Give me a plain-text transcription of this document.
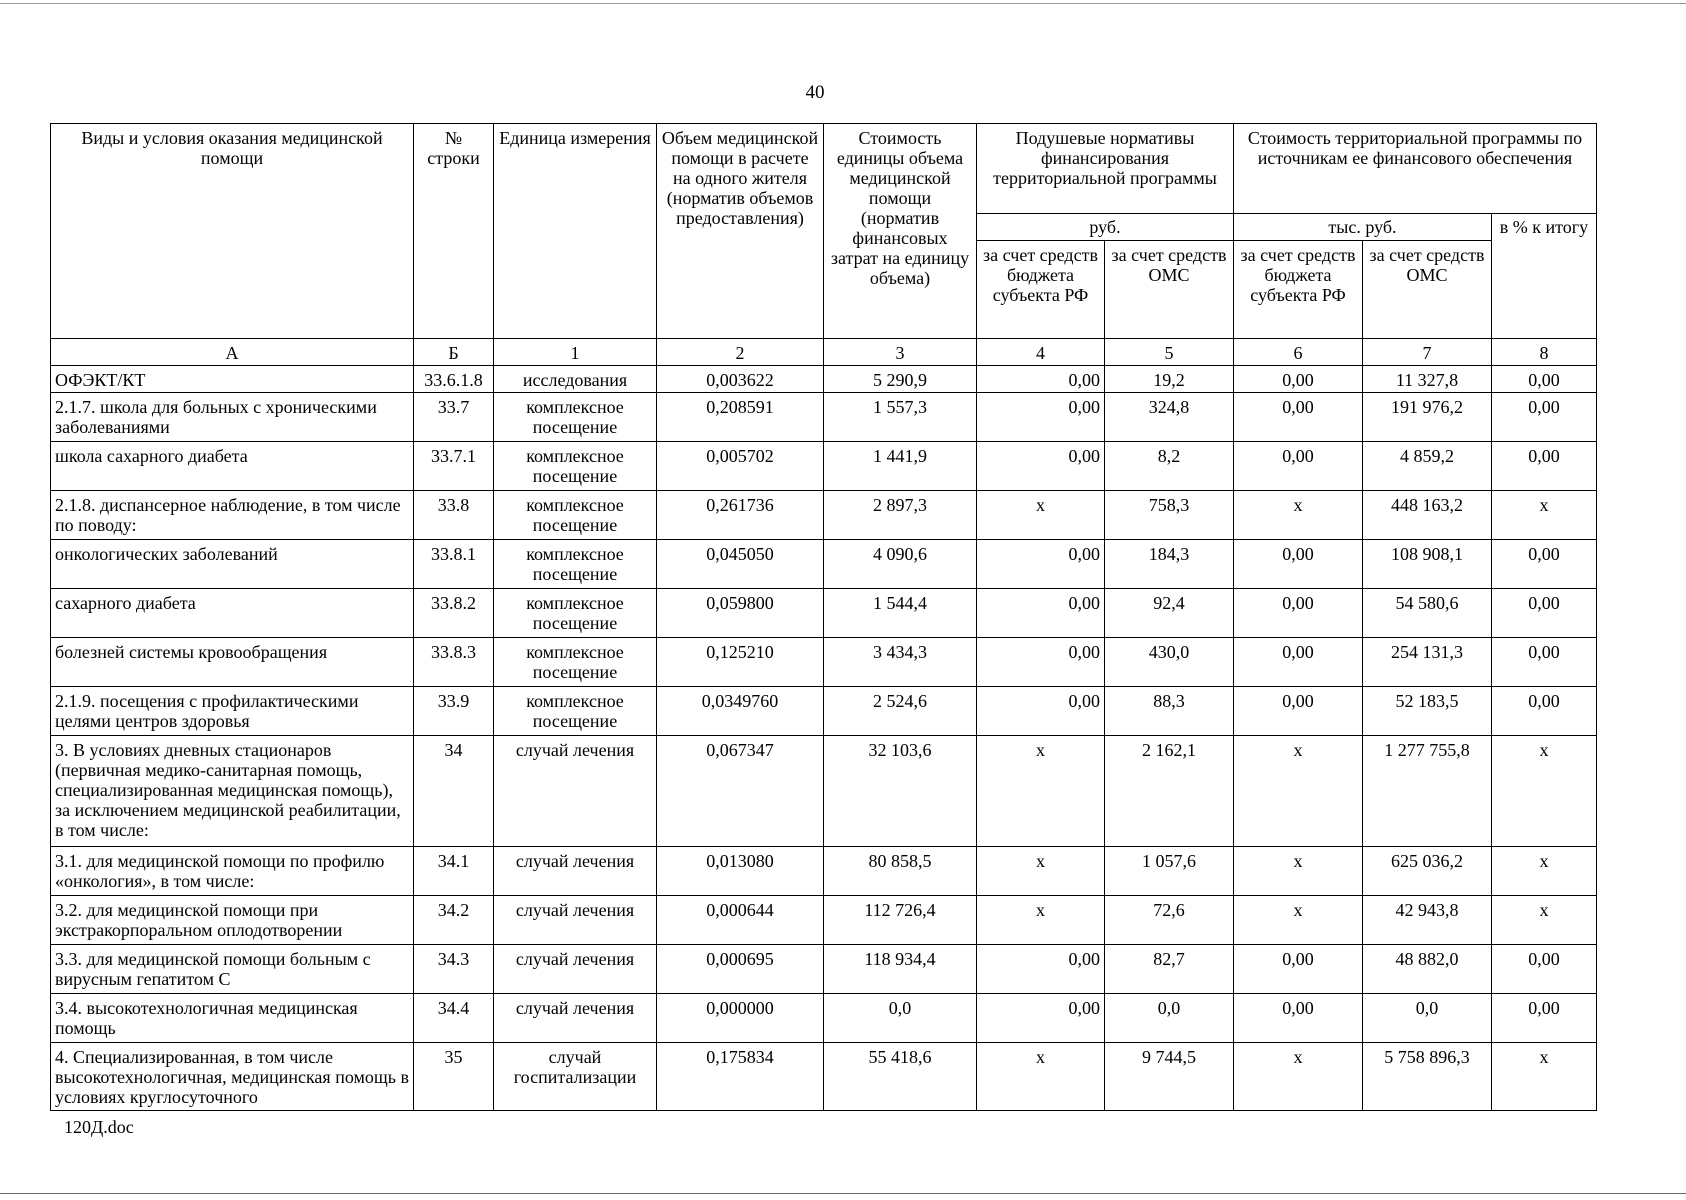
40
Виды и условия оказания медицинской помощи	№ строки	Единица измерения	Объем медицинской помощи в расчете на одного жителя (норматив объемов предоставления)	Стоимость единицы объема медицинской помощи (норматив финансовых затрат на единицу объема)	Подушевые нормативы финансирования территориальной программы		Стоимость территориальной программы по источникам ее финансового обеспечения		
					руб.		тыс. руб.		в % к итогу
					за счет средств бюджета субъекта РФ	за счет средств ОМС	за счет средств бюджета субъекта РФ	за счет средств ОМС	
А	Б	1	2	3	4	5	6	7	8
ОФЭКТ/КТ	33.6.1.8	исследования	0,003622	5 290,9	0,00	19,2	0,00	11 327,8	0,00
2.1.7. школа для больных с хроническими заболеваниями	33.7	комплексное посещение	0,208591	1 557,3	0,00	324,8	0,00	191 976,2	0,00
школа сахарного диабета	33.7.1	комплексное посещение	0,005702	1 441,9	0,00	8,2	0,00	4 859,2	0,00
2.1.8. диспансерное наблюдение, в том числе по поводу:	33.8	комплексное посещение	0,261736	2 897,3	х	758,3	х	448 163,2	х
онкологических заболеваний	33.8.1	комплексное посещение	0,045050	4 090,6	0,00	184,3	0,00	108 908,1	0,00
сахарного диабета	33.8.2	комплексное посещение	0,059800	1 544,4	0,00	92,4	0,00	54 580,6	0,00
болезней системы кровообращения	33.8.3	комплексное посещение	0,125210	3 434,3	0,00	430,0	0,00	254 131,3	0,00
2.1.9. посещения с профилактическими целями центров здоровья	33.9	комплексное посещение	0,0349760	2 524,6	0,00	88,3	0,00	52 183,5	0,00
3. В условиях дневных стационаров (первичная медико-санитарная помощь, специализированная медицинская помощь), за исключением медицинской реабилитации, в том числе:	34	случай лечения	0,067347	32 103,6	х	2 162,1	х	1 277 755,8	х
3.1. для медицинской помощи по профилю «онкология», в том числе:	34.1	случай лечения	0,013080	80 858,5	х	1 057,6	х	625 036,2	х
3.2. для медицинской помощи при экстракорпоральном оплодотворении	34.2	случай лечения	0,000644	112 726,4	х	72,6	х	42 943,8	х
3.3. для медицинской помощи больным с вирусным гепатитом С	34.3	случай лечения	0,000695	118 934,4	0,00	82,7	0,00	48 882,0	0,00
3.4. высокотехнологичная медицинская помощь	34.4	случай лечения	0,000000	0,0	0,00	0,0	0,00	0,0	0,00
4. Специализированная, в том числе высокотехнологичная, медицинская помощь в условиях круглосуточного	35	случай госпитализации	0,175834	55 418,6	х	9 744,5	х	5 758 896,3	х
120Д.doc
